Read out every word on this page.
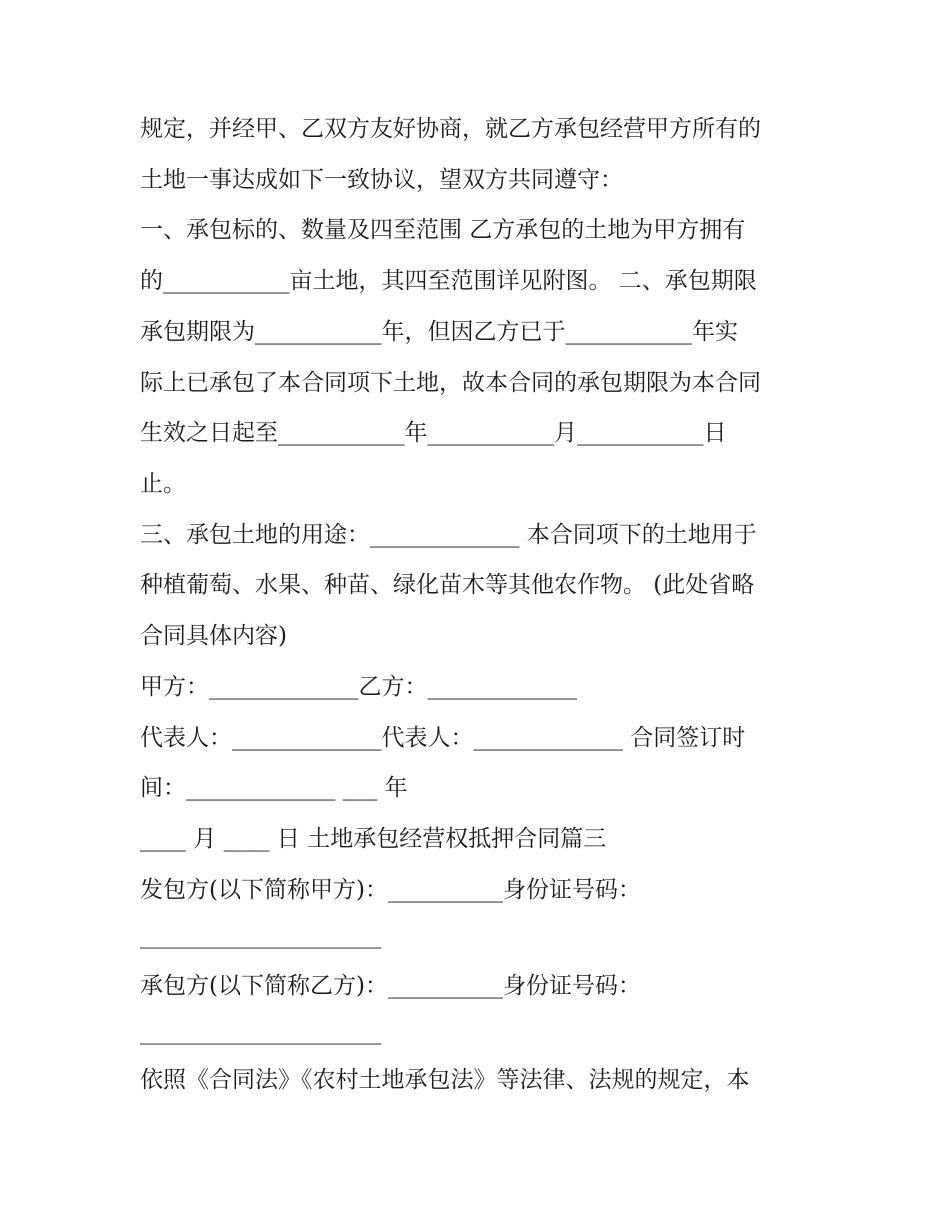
规定，并经甲、乙双方友好协商，就乙方承包经营甲方所有的
土地一事达成如下一致协议，望双方共同遵守：
一、承包标的、数量及四至范围 乙方承包的土地为甲方拥有
的___________亩土地，其四至范围详见附图。 二、承包期限
承包期限为___________年，但因乙方已于___________年实
际上已承包了本合同项下土地，故本合同的承包期限为本合同
生效之日起至___________年___________月___________日
止。
三、承包土地的用途：_____________ 本合同项下的土地用于
种植葡萄、水果、种苗、绿化苗木等其他农作物。 (此处省略
合同具体内容)
甲方：_____________乙方：_____________
代表人：_____________代表人：_____________ 合同签订时
间：_____________ ___ 年
____ 月 ____ 日 土地承包经营权抵押合同篇三
发包方(以下简称甲方)：__________身份证号码：
_____________________
承包方(以下简称乙方)：__________身份证号码：
_____________________
依照《合同法》《农村土地承包法》等法律、法规的规定，本
